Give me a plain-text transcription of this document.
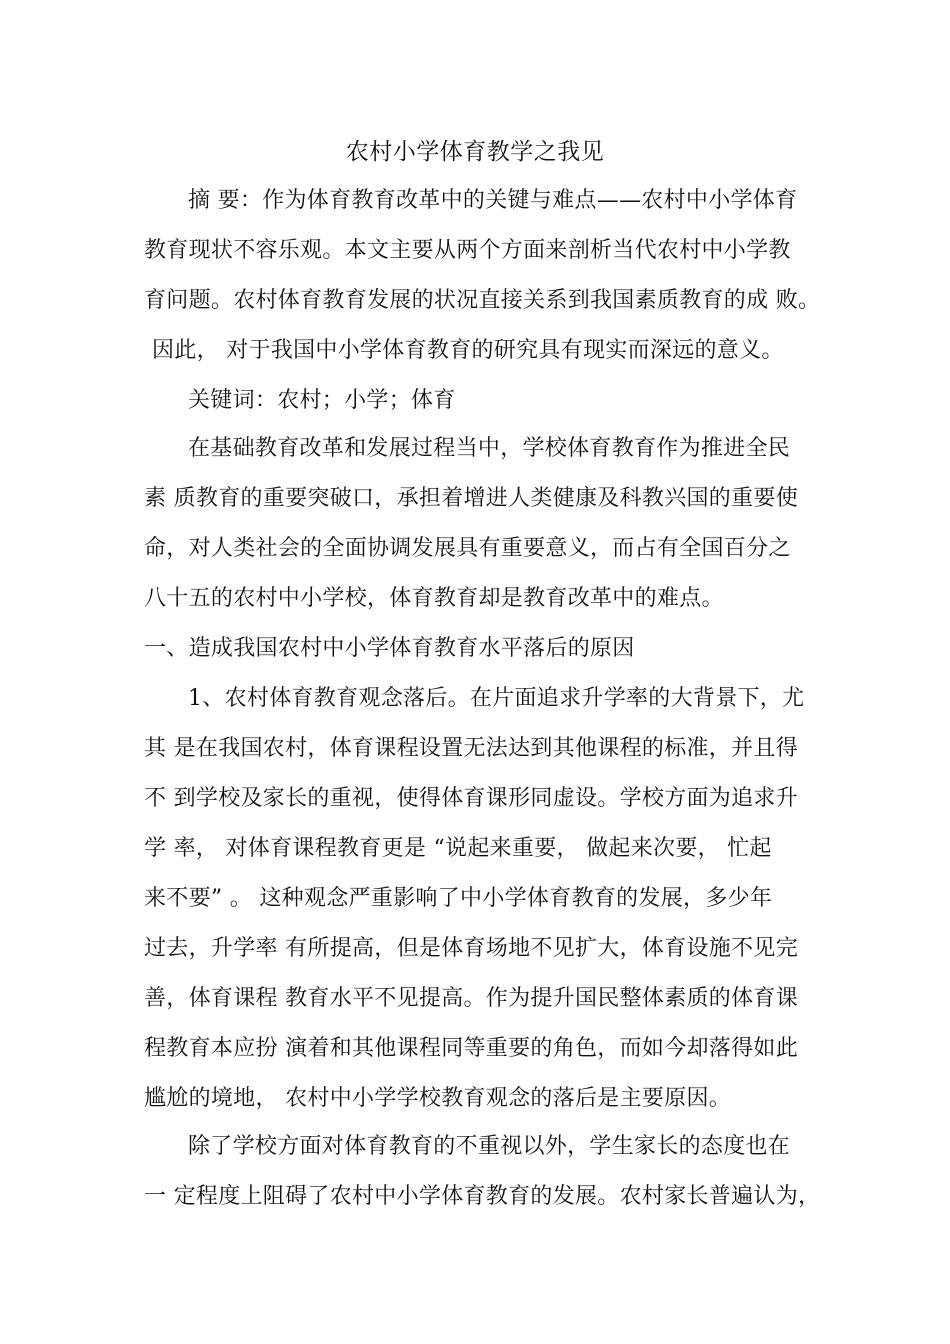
农村小学体育教学之我见
摘 要：作为体育教育改革中的关键与难点——农村中小学体育
教育现状不容乐观。本文主要从两个方面来剖析当代农村中小学教
育问题。农村体育教育发展的状况直接关系到我国素质教育的成 败。
因此， 对于我国中小学体育教育的研究具有现实而深远的意义。
关键词：农村；小学；体育
在基础教育改革和发展过程当中，学校体育教育作为推进全民
素 质教育的重要突破口，承担着增进人类健康及科教兴国的重要使
命，对人类社会的全面协调发展具有重要意义，而占有全国百分之
八十五的农村中小学校，体育教育却是教育改革中的难点。
一、造成我国农村中小学体育教育水平落后的原因
1、农村体育教育观念落后。在片面追求升学率的大背景下，尤
其 是在我国农村，体育课程设置无法达到其他课程的标准，并且得
不 到学校及家长的重视，使得体育课形同虚设。学校方面为追求升
学 率， 对体育课程教育更是 “说起来重要， 做起来次要， 忙起
来不要” 。 这种观念严重影响了中小学体育教育的发展，多少年
过去，升学率 有所提高，但是体育场地不见扩大，体育设施不见完
善，体育课程 教育水平不见提高。作为提升国民整体素质的体育课
程教育本应扮 演着和其他课程同等重要的角色，而如今却落得如此
尴尬的境地， 农村中小学学校教育观念的落后是主要原因。
除了学校方面对体育教育的不重视以外，学生家长的态度也在
一 定程度上阻碍了农村中小学体育教育的发展。农村家长普遍认为，
